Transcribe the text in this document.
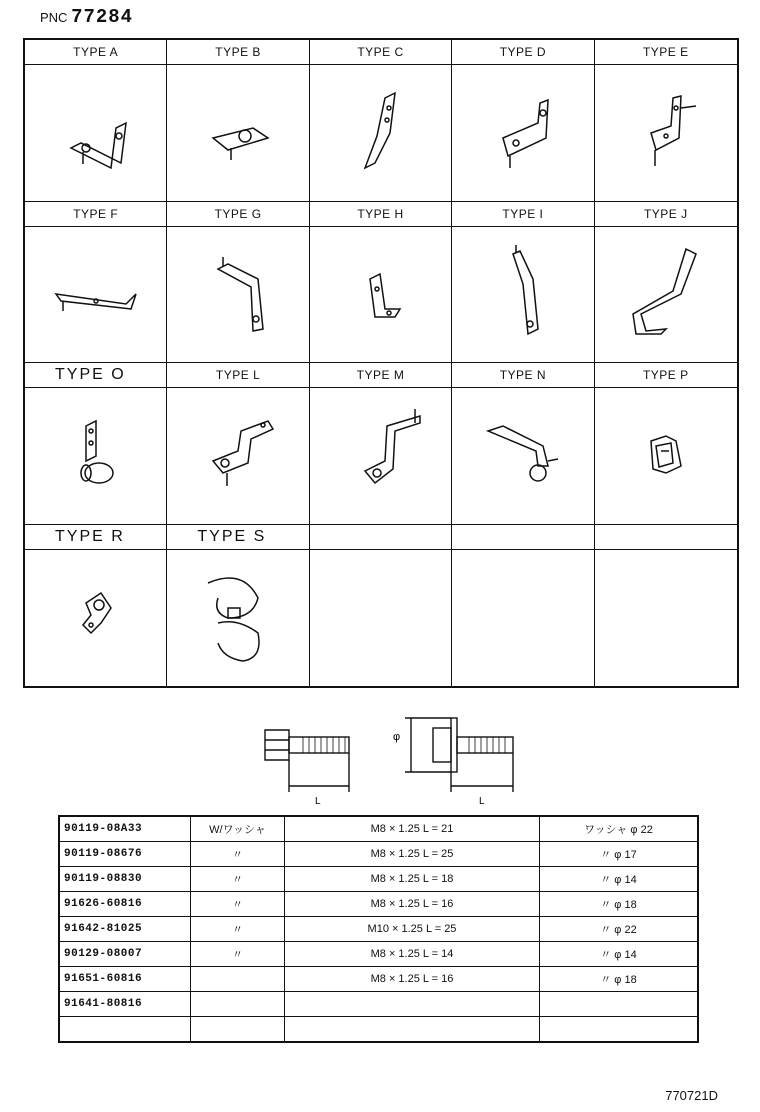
PNC 77284
TYPE A	TYPE B	TYPE C	TYPE D	TYPE E
TYPE F	TYPE G	TYPE H	TYPE I	TYPE J
TYPE O	TYPE L	TYPE M	TYPE N	TYPE P
TYPE R	TYPE S
L	L
φ
90119-08A33	W/ワッシャ	M8 × 1.25 L = 21	ワッシャ φ 22
90119-08676	〃	M8 × 1.25 L = 25	〃 φ 17
90119-08830	〃	M8 × 1.25 L = 18	〃 φ 14
91626-60816	〃	M8 × 1.25 L = 16	〃 φ 18
91642-81025	〃	M10 × 1.25 L = 25	〃 φ 22
90129-08007	〃	M8 × 1.25 L = 14	〃 φ 14
91651-60816		M8 × 1.25 L = 16	〃 φ 18
91641-80816			

770721D
